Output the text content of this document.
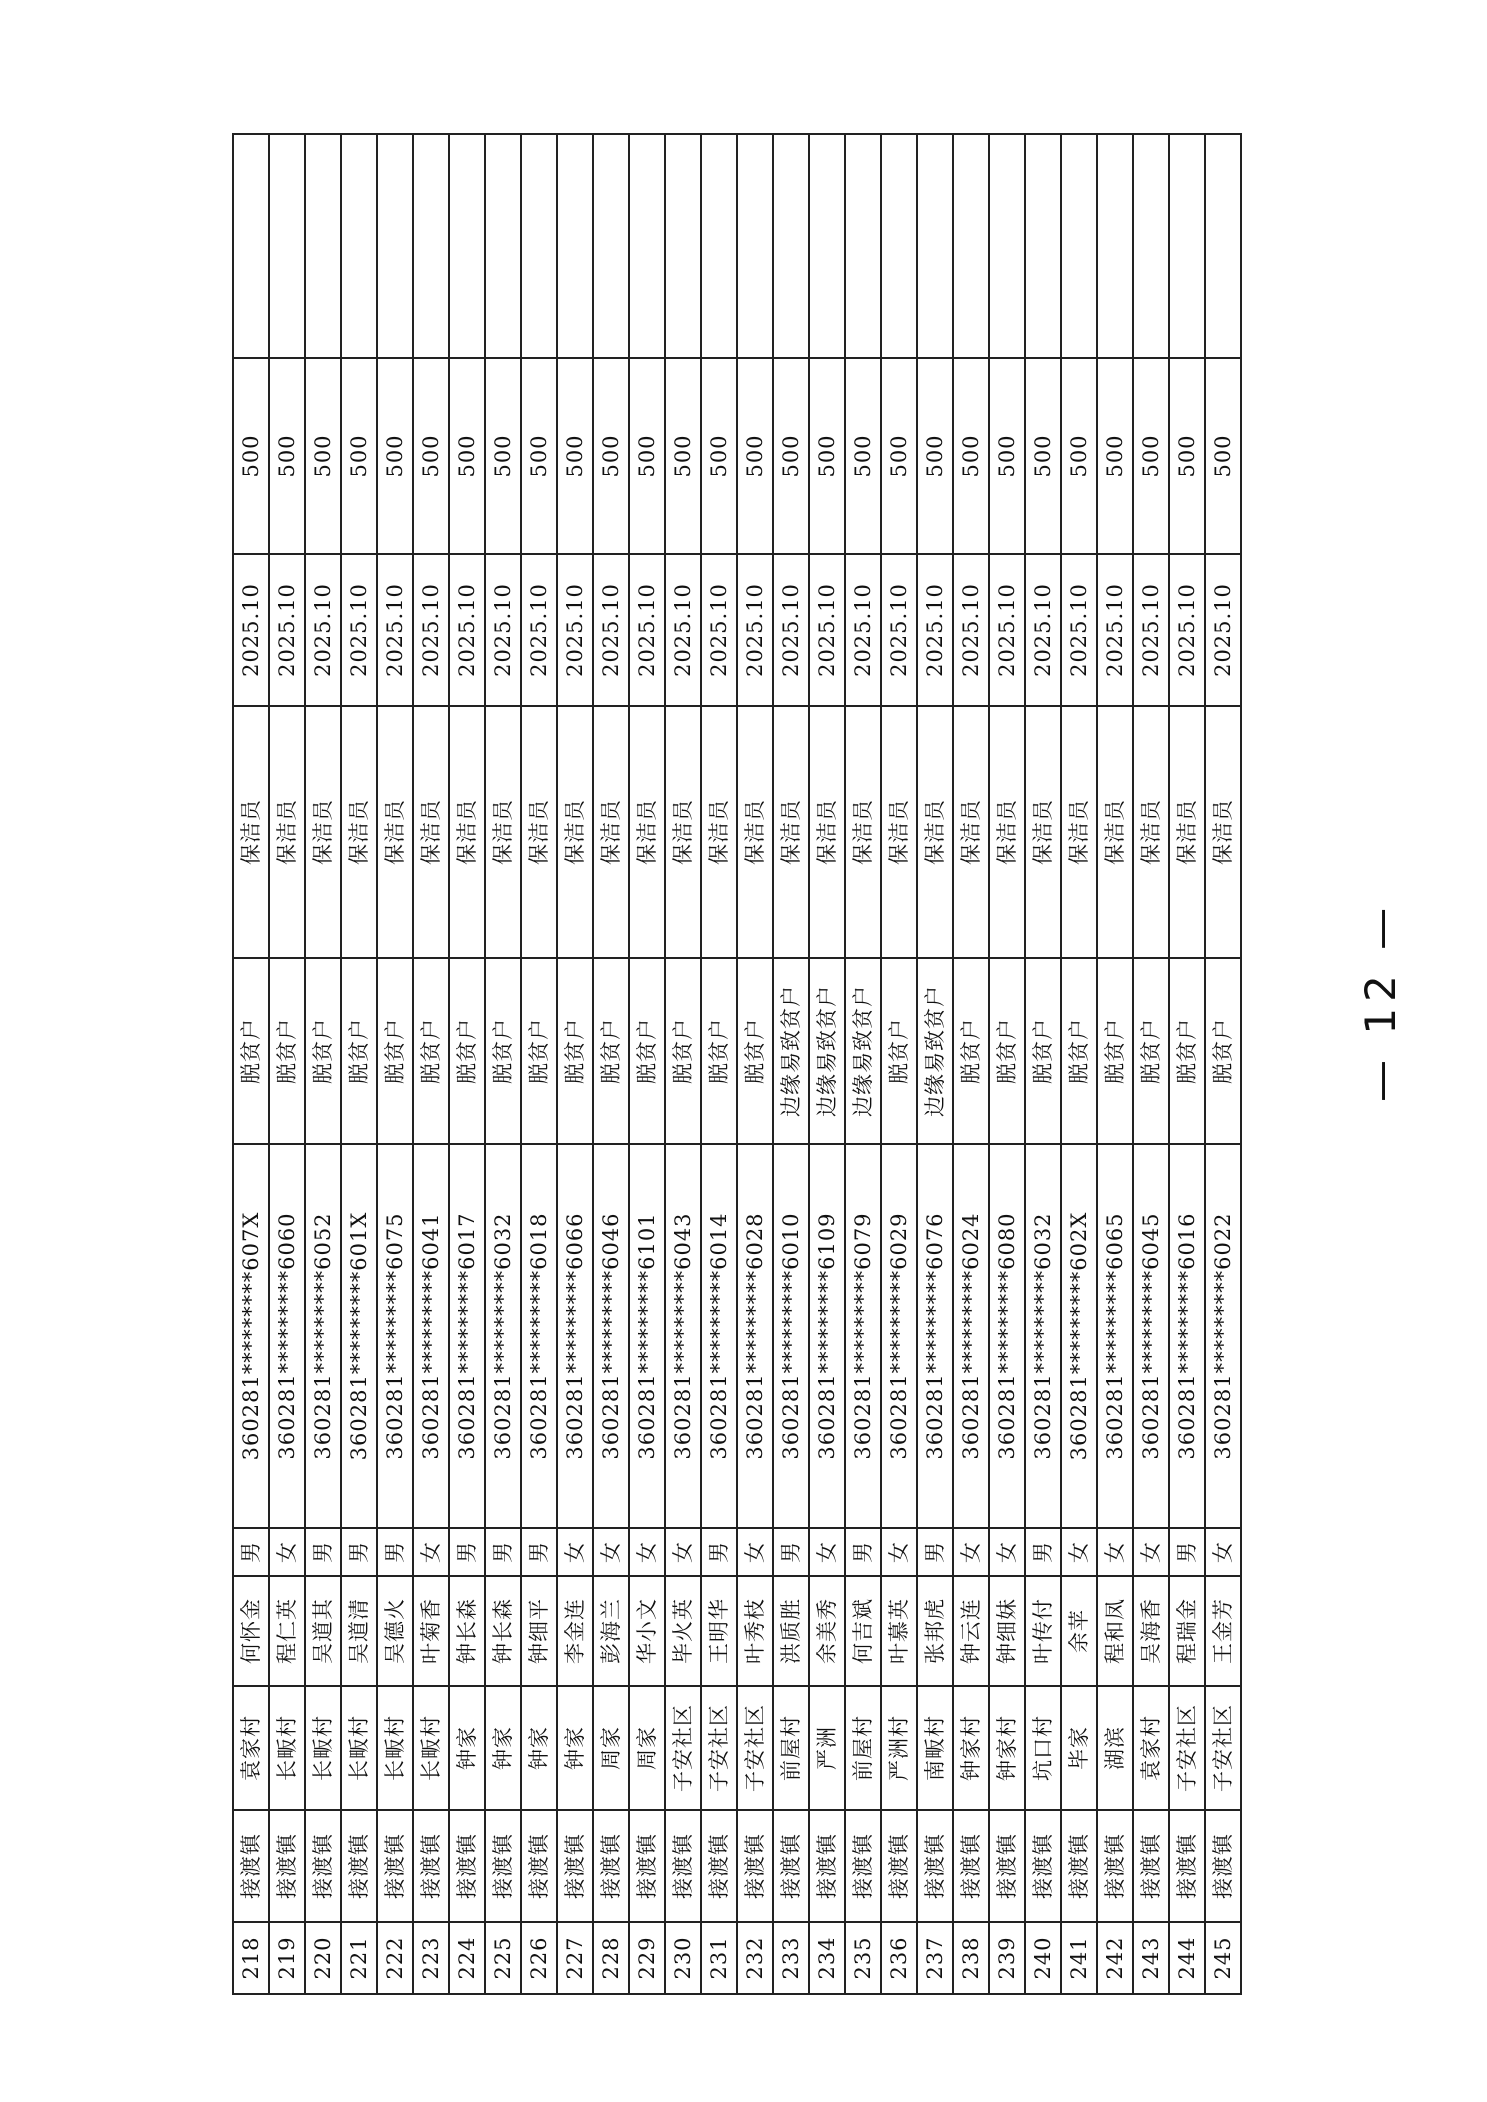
218	接渡镇	袁家村	何怀金	男	360281*********607X	脱贫户	保洁员	2025.10	500	
219	接渡镇	长畈村	程仁英	女	360281*********6060	脱贫户	保洁员	2025.10	500	
220	接渡镇	长畈村	吴道其	男	360281*********6052	脱贫户	保洁员	2025.10	500	
221	接渡镇	长畈村	吴道清	男	360281*********601X	脱贫户	保洁员	2025.10	500	
222	接渡镇	长畈村	吴德火	男	360281*********6075	脱贫户	保洁员	2025.10	500	
223	接渡镇	长畈村	叶菊香	女	360281*********6041	脱贫户	保洁员	2025.10	500	
224	接渡镇	钟家	钟长森	男	360281*********6017	脱贫户	保洁员	2025.10	500	
225	接渡镇	钟家	钟长森	男	360281*********6032	脱贫户	保洁员	2025.10	500	
226	接渡镇	钟家	钟细平	男	360281*********6018	脱贫户	保洁员	2025.10	500	
227	接渡镇	钟家	李金连	女	360281*********6066	脱贫户	保洁员	2025.10	500	
228	接渡镇	周家	彭海兰	女	360281*********6046	脱贫户	保洁员	2025.10	500	
229	接渡镇	周家	华小文	女	360281*********6101	脱贫户	保洁员	2025.10	500	
230	接渡镇	子安社区	毕火英	女	360281*********6043	脱贫户	保洁员	2025.10	500	
231	接渡镇	子安社区	王明华	男	360281*********6014	脱贫户	保洁员	2025.10	500	
232	接渡镇	子安社区	叶秀枝	女	360281*********6028	脱贫户	保洁员	2025.10	500	
233	接渡镇	前屋村	洪质胜	男	360281*********6010	边缘易致贫户	保洁员	2025.10	500	
234	接渡镇	严洲	余美秀	女	360281*********6109	边缘易致贫户	保洁员	2025.10	500	
235	接渡镇	前屋村	何吉斌	男	360281*********6079	边缘易致贫户	保洁员	2025.10	500	
236	接渡镇	严洲村	叶慕英	女	360281*********6029	脱贫户	保洁员	2025.10	500	
237	接渡镇	南畈村	张邦虎	男	360281*********6076	边缘易致贫户	保洁员	2025.10	500	
238	接渡镇	钟家村	钟云连	女	360281*********6024	脱贫户	保洁员	2025.10	500	
239	接渡镇	钟家村	钟细妹	女	360281*********6080	脱贫户	保洁员	2025.10	500	
240	接渡镇	坑口村	叶传付	男	360281*********6032	脱贫户	保洁员	2025.10	500	
241	接渡镇	毕家	余苹	女	360281*********602X	脱贫户	保洁员	2025.10	500	
242	接渡镇	湖滨	程和凤	女	360281*********6065	脱贫户	保洁员	2025.10	500	
243	接渡镇	袁家村	吴海香	女	360281*********6045	脱贫户	保洁员	2025.10	500	
244	接渡镇	子安社区	程瑞金	男	360281*********6016	脱贫户	保洁员	2025.10	500	
245	接渡镇	子安社区	王金芳	女	360281*********6022	脱贫户	保洁员	2025.10	500	
— 12 —
